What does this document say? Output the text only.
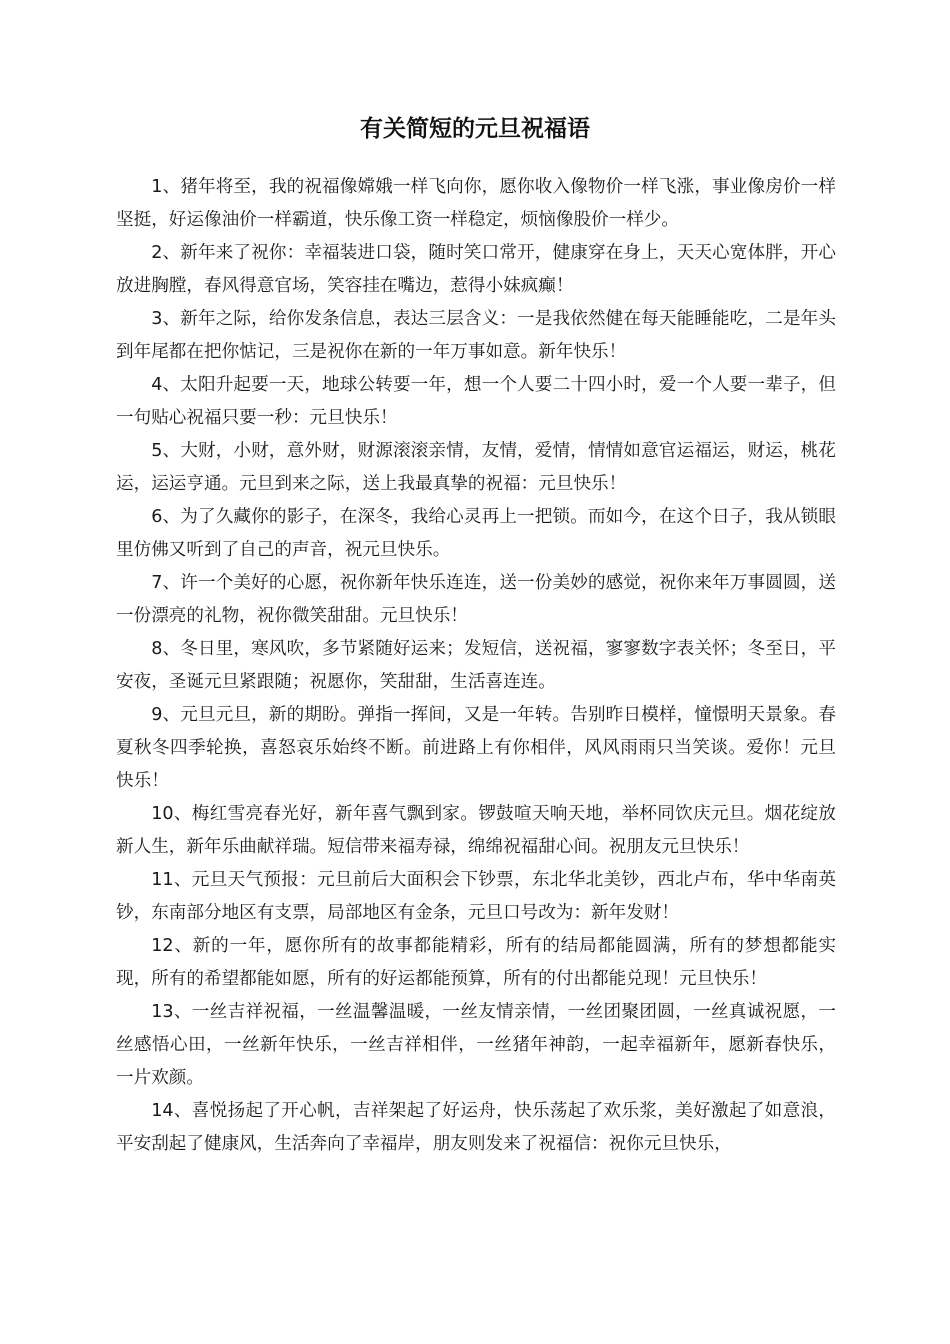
有关简短的元旦祝福语

1、猪年将至，我的祝福像嫦娥一样飞向你，愿你收入像物价一样飞涨，事业像房价一样坚挺，好运像油价一样霸道，快乐像工资一样稳定，烦恼像股价一样少。

2、新年来了祝你：幸福装进口袋，随时笑口常开，健康穿在身上，天天心宽体胖，开心放进胸膛，春风得意官场，笑容挂在嘴边，惹得小妹疯癫！

3、新年之际，给你发条信息，表达三层含义：一是我依然健在每天能睡能吃，二是年头到年尾都在把你惦记，三是祝你在新的一年万事如意。新年快乐！

4、太阳升起要一天，地球公转要一年，想一个人要二十四小时，爱一个人要一辈子，但一句贴心祝福只要一秒：元旦快乐！

5、大财，小财，意外财，财源滚滚亲情，友情，爱情，情情如意官运福运，财运，桃花运，运运亨通。元旦到来之际，送上我最真挚的祝福：元旦快乐！

6、为了久藏你的影子，在深冬，我给心灵再上一把锁。而如今，在这个日子，我从锁眼里仿佛又听到了自己的声音，祝元旦快乐。

7、许一个美好的心愿，祝你新年快乐连连，送一份美妙的感觉，祝你来年万事圆圆，送一份漂亮的礼物，祝你微笑甜甜。元旦快乐！

8、冬日里，寒风吹，多节紧随好运来；发短信，送祝福，寥寥数字表关怀；冬至日，平安夜，圣诞元旦紧跟随；祝愿你，笑甜甜，生活喜连连。

9、元旦元旦，新的期盼。弹指一挥间，又是一年转。告别昨日模样，憧憬明天景象。春夏秋冬四季轮换，喜怒哀乐始终不断。前进路上有你相伴，风风雨雨只当笑谈。爱你！元旦快乐！

10、梅红雪亮春光好，新年喜气飘到家。锣鼓喧天响天地，举杯同饮庆元旦。烟花绽放新人生，新年乐曲献祥瑞。短信带来福寿禄，绵绵祝福甜心间。祝朋友元旦快乐！

11、元旦天气预报：元旦前后大面积会下钞票，东北华北美钞，西北卢布，华中华南英钞，东南部分地区有支票，局部地区有金条，元旦口号改为：新年发财！

12、新的一年，愿你所有的故事都能精彩，所有的结局都能圆满，所有的梦想都能实现，所有的希望都能如愿，所有的好运都能预算，所有的付出都能兑现！元旦快乐！

13、一丝吉祥祝福，一丝温馨温暖，一丝友情亲情，一丝团聚团圆，一丝真诚祝愿，一丝感悟心田，一丝新年快乐，一丝吉祥相伴，一丝猪年神韵，一起幸福新年，愿新春快乐，一片欢颜。

14、喜悦扬起了开心帆，吉祥架起了好运舟，快乐荡起了欢乐浆，美好激起了如意浪，平安刮起了健康风，生活奔向了幸福岸，朋友则发来了祝福信：祝你元旦快乐，
